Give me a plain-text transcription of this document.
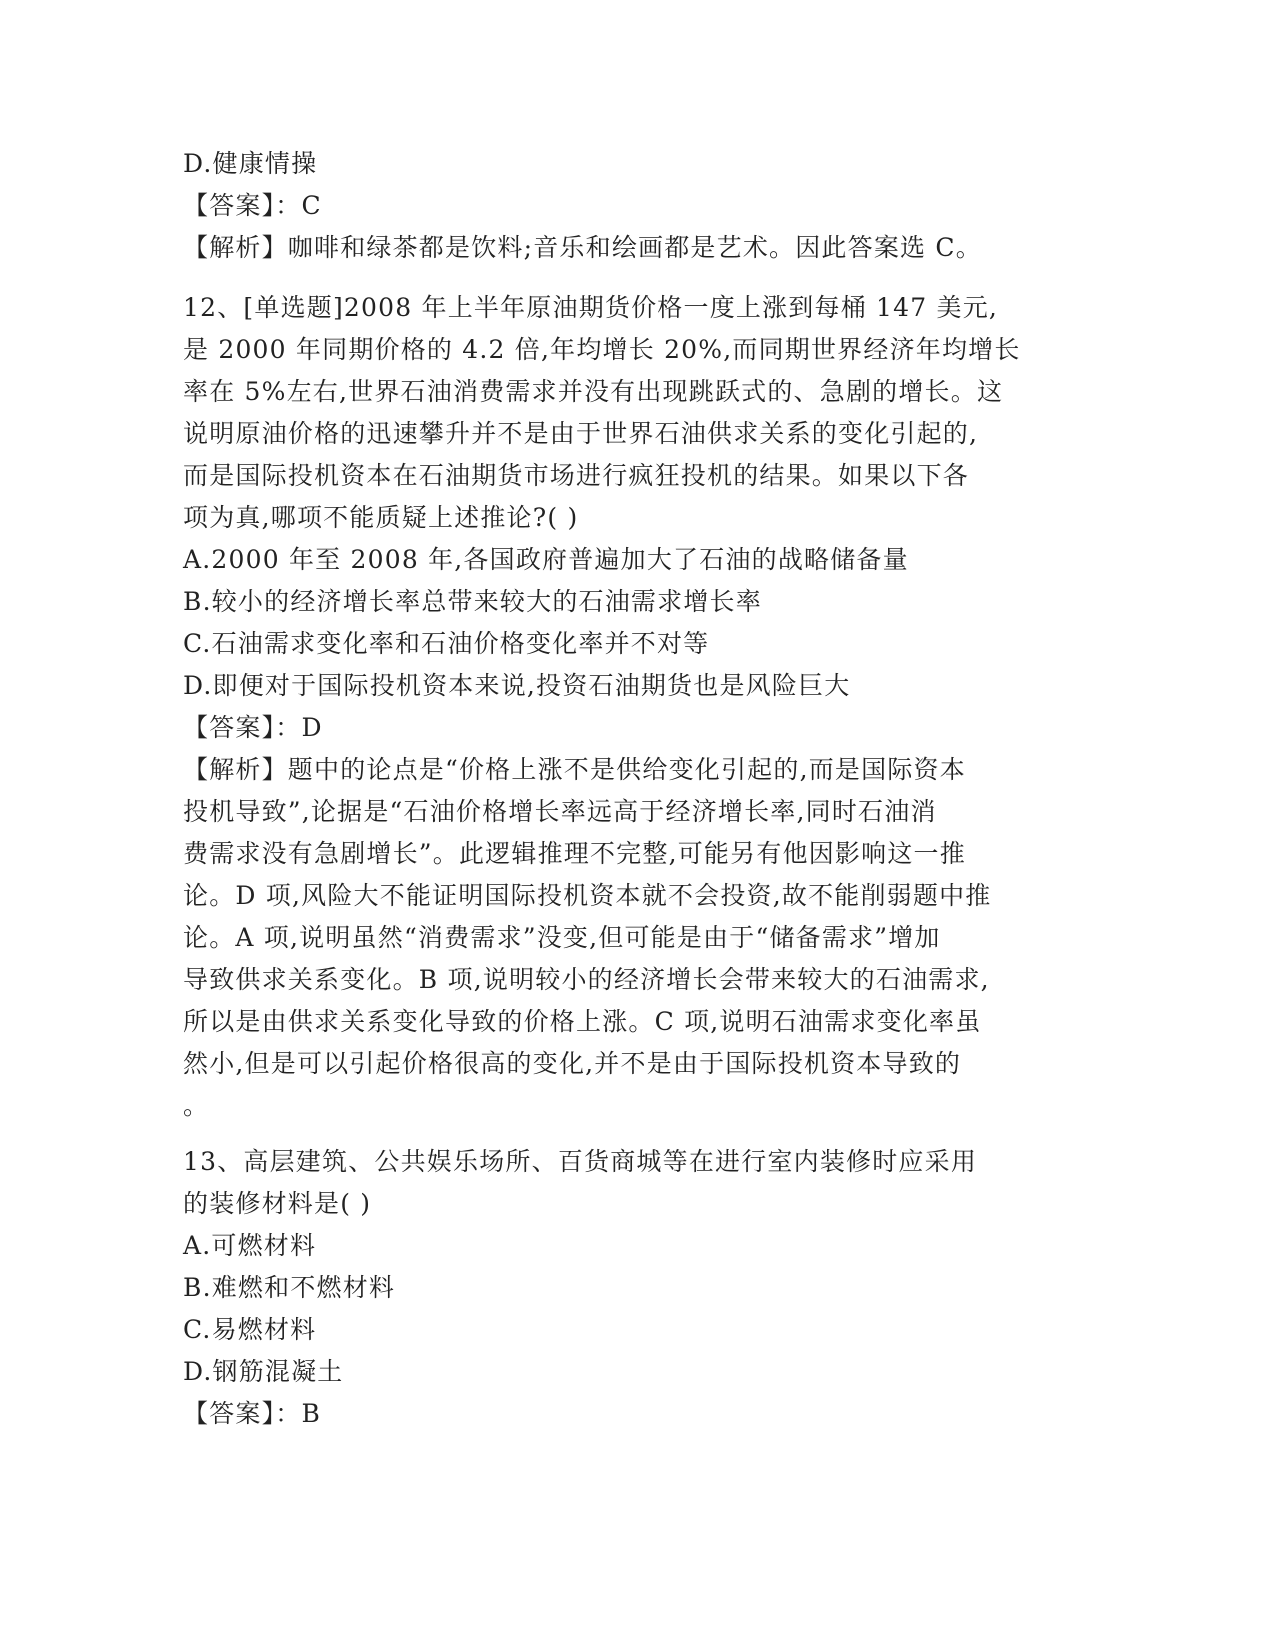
D.健康情操
【答案】：C
【解析】咖啡和绿茶都是饮料;音乐和绘画都是艺术。因此答案选 C。
12、[单选题]2008 年上半年原油期货价格一度上涨到每桶 147 美元,
是 2000 年同期价格的 4.2 倍,年均增长 20%,而同期世界经济年均增长
率在 5%左右,世界石油消费需求并没有出现跳跃式的、急剧的增长。这
说明原油价格的迅速攀升并不是由于世界石油供求关系的变化引起的,
而是国际投机资本在石油期货市场进行疯狂投机的结果。如果以下各
项为真,哪项不能质疑上述推论?( )
A.2000 年至 2008 年,各国政府普遍加大了石油的战略储备量
B.较小的经济增长率总带来较大的石油需求增长率
C.石油需求变化率和石油价格变化率并不对等
D.即便对于国际投机资本来说,投资石油期货也是风险巨大
【答案】：D
【解析】题中的论点是“价格上涨不是供给变化引起的,而是国际资本
投机导致”,论据是“石油价格增长率远高于经济增长率,同时石油消
费需求没有急剧增长”。此逻辑推理不完整,可能另有他因影响这一推
论。D 项,风险大不能证明国际投机资本就不会投资,故不能削弱题中推
论。A 项,说明虽然“消费需求”没变,但可能是由于“储备需求”增加
导致供求关系变化。B 项,说明较小的经济增长会带来较大的石油需求,
所以是由供求关系变化导致的价格上涨。C 项,说明石油需求变化率虽
然小,但是可以引起价格很高的变化,并不是由于国际投机资本导致的
。
13、高层建筑、公共娱乐场所、百货商城等在进行室内装修时应采用
的装修材料是( )
A.可燃材料
B.难燃和不燃材料
C.易燃材料
D.钢筋混凝土
【答案】：B
